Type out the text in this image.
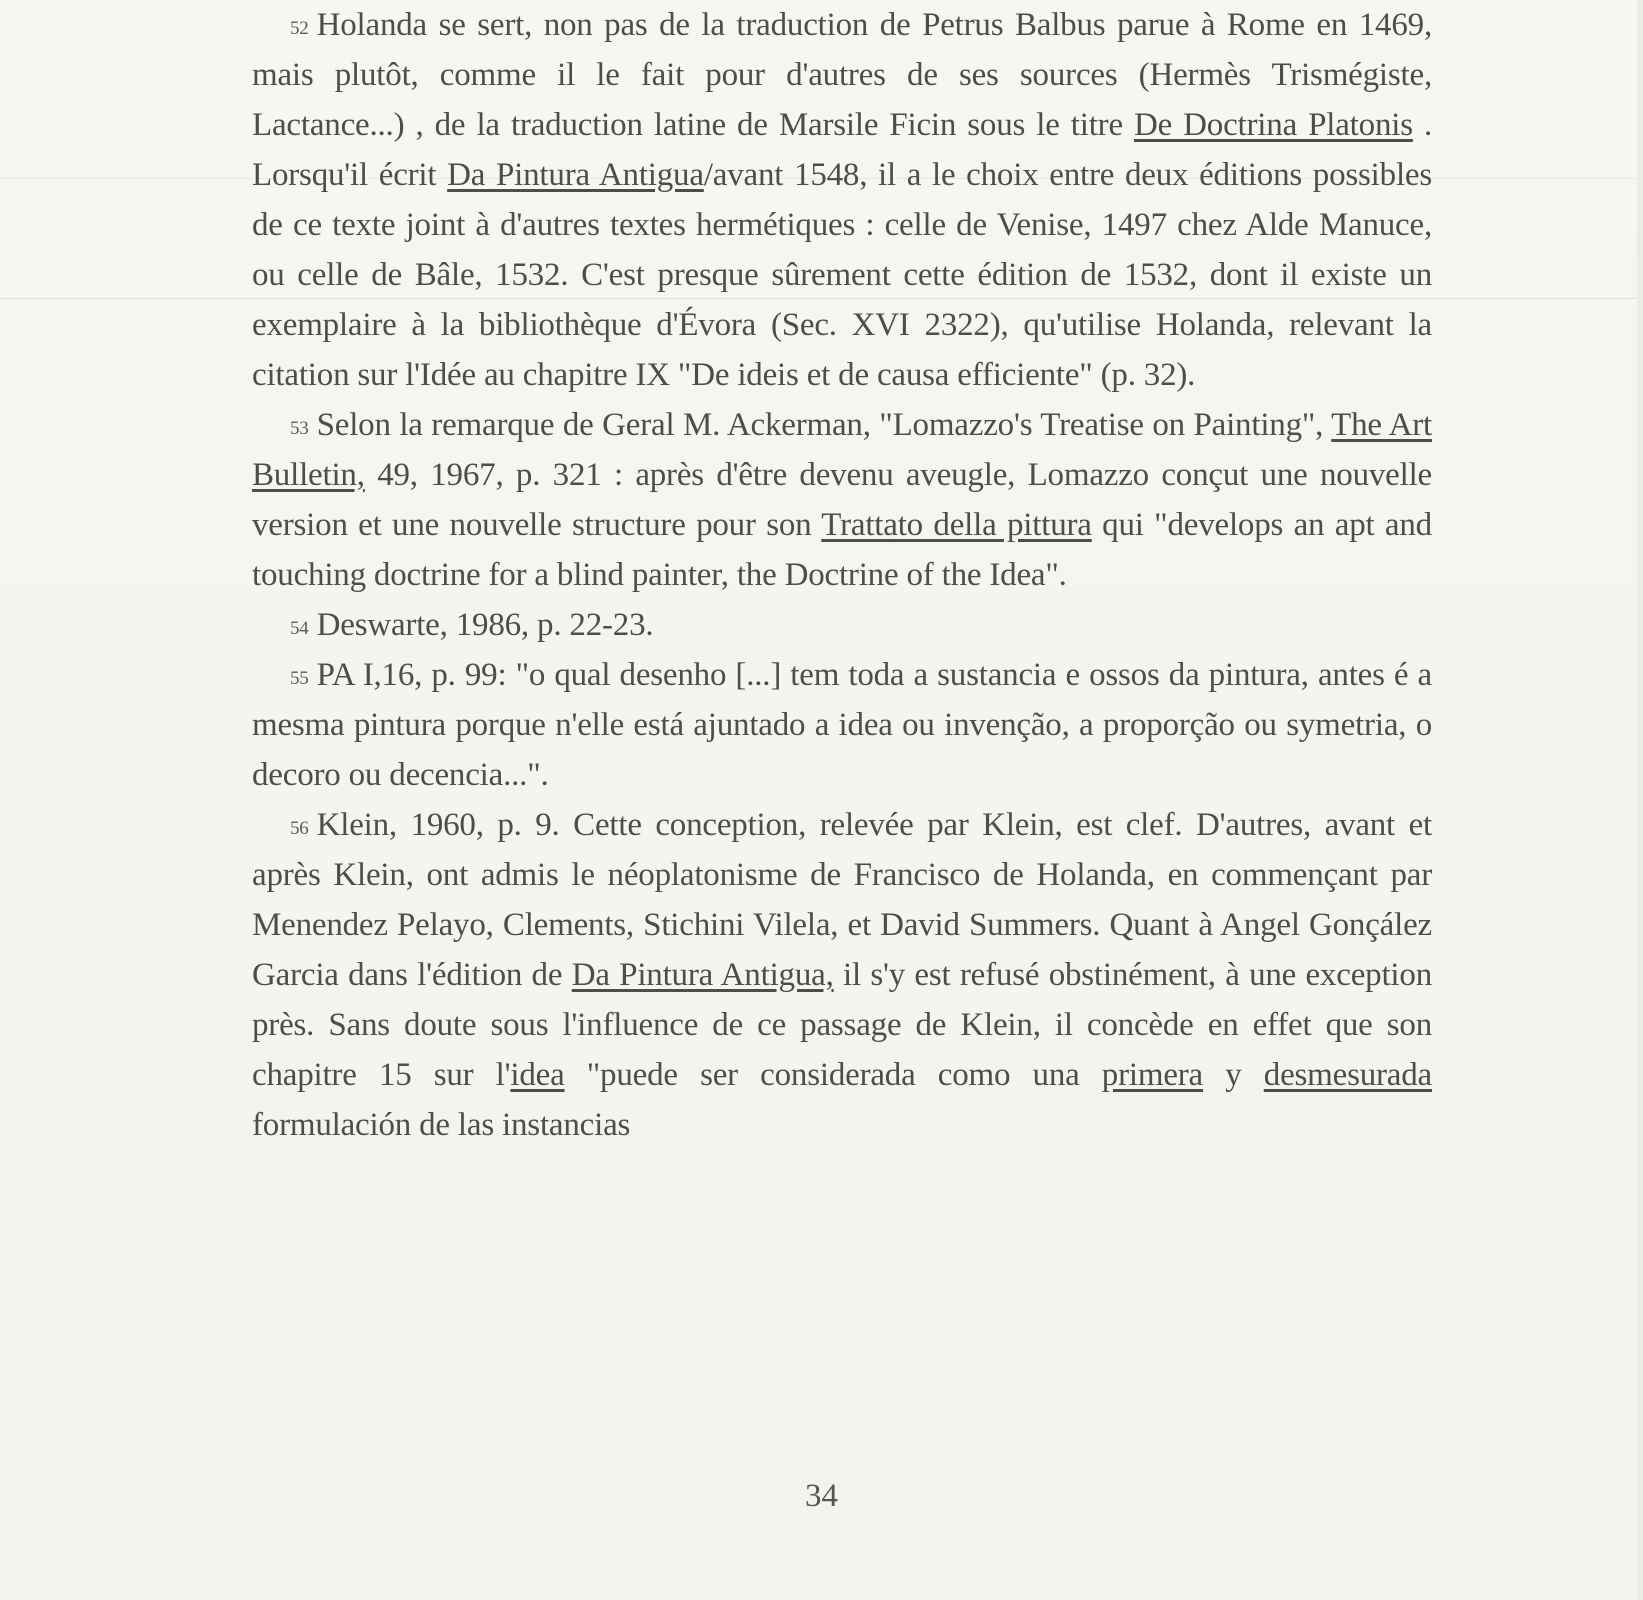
$^{52}$ Holanda se sert, non pas de la traduction de Petrus Balbus parue à Rome en 1469, mais plutôt, comme il le fait pour d'autres de ses sources (Hermès Trismégiste, Lactance...) , de la traduction latine de Marsile Ficin sous le titre De Doctrina Platonis . Lorsqu'il écrit Da Pintura Antigua/avant 1548, il a le choix entre deux éditions possibles de ce texte joint à d'autres textes hermétiques : celle de Venise, 1497 chez Alde Manuce, ou celle de Bâle, 1532. C'est presque sûrement cette édition de 1532, dont il existe un exemplaire à la bibliothèque d'Évora (Sec. XVI 2322), qu'utilise Holanda, relevant la citation sur l'Idée au chapitre IX "De ideis et de causa efficiente" (p. 32).

$^{53}$ Selon la remarque de Geral M. Ackerman, "Lomazzo's Treatise on Painting", The Art Bulletin, 49, 1967, p. 321 : après d'être devenu aveugle, Lomazzo conçut une nouvelle version et une nouvelle structure pour son Trattato della pittura qui "develops an apt and touching doctrine for a blind painter, the Doctrine of the Idea".

$^{54}$ Deswarte, 1986, p. 22-23.

$^{55}$ PA I,16, p. 99: "o qual desenho [...] tem toda a sustancia e ossos da pintura, antes é a mesma pintura porque n'elle está ajuntado a idea ou invenção, a proporção ou symetria, o decoro ou decencia...".

$^{56}$ Klein, 1960, p. 9. Cette conception, relevée par Klein, est clef. D'autres, avant et après Klein, ont admis le néoplatonisme de Francisco de Holanda, en commençant par Menendez Pelayo, Clements, Stichini Vilela, et David Summers. Quant à Angel Gonçález Garcia dans l'édition de Da Pintura Antigua, il s'y est refusé obstinément, à une exception près. Sans doute sous l'influence de ce passage de Klein, il concède en effet que son chapitre 15 sur l'idea "puede ser considerada como una primera y desmesurada formulación de las instancias

34
